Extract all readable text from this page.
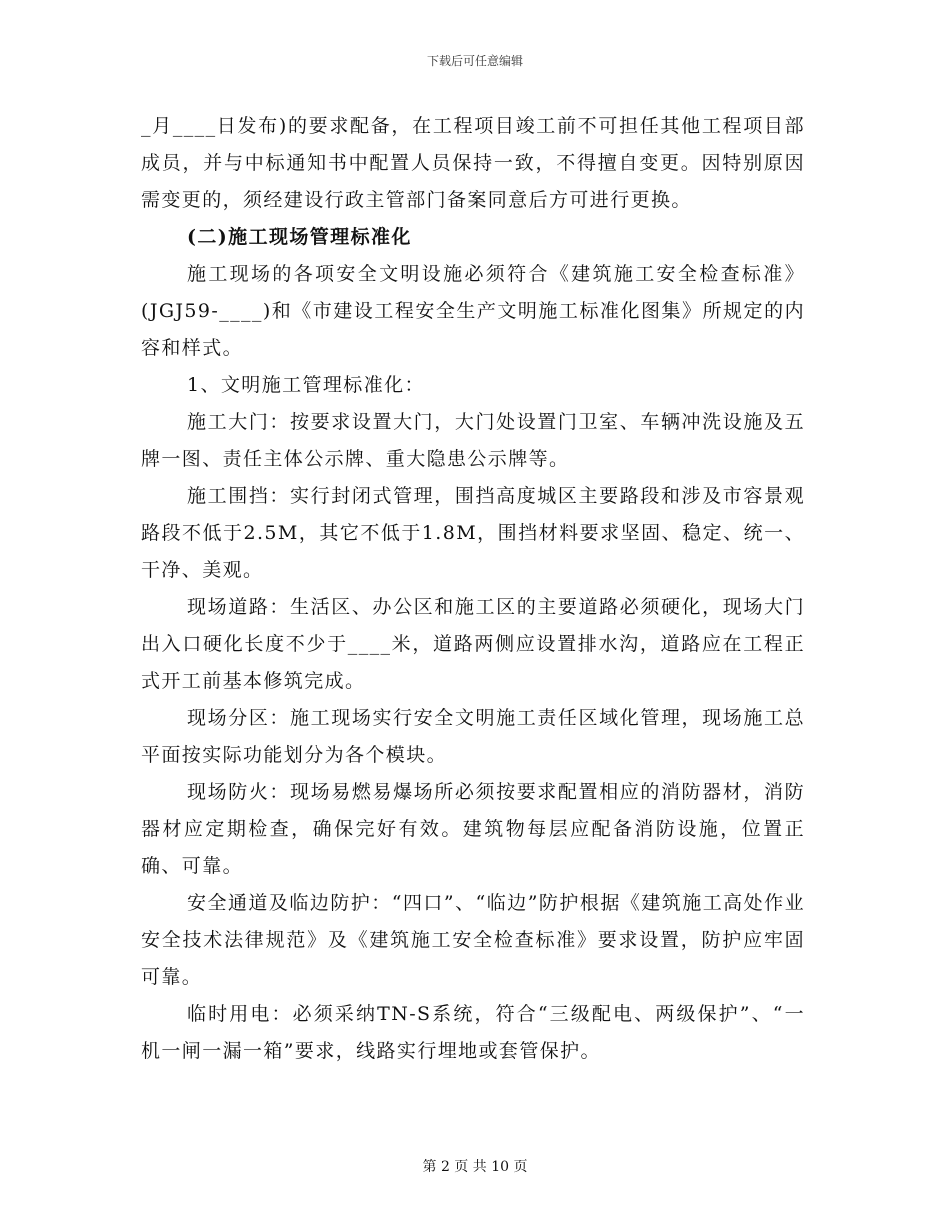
下载后可任意编辑

_月____日发布)的要求配备，在工程项目竣工前不可担任其他工程项目部成员，并与中标通知书中配置人员保持一致，不得擅自变更。因特别原因需变更的，须经建设行政主管部门备案同意后方可进行更换。

(二)施工现场管理标准化

施工现场的各项安全文明设施必须符合《建筑施工安全检查标准》(JGJ59-____)和《市建设工程安全生产文明施工标准化图集》所规定的内容和样式。

1、文明施工管理标准化：

施工大门：按要求设置大门，大门处设置门卫室、车辆冲洗设施及五牌一图、责任主体公示牌、重大隐患公示牌等。

施工围挡：实行封闭式管理，围挡高度城区主要路段和涉及市容景观路段不低于2.5M，其它不低于1.8M，围挡材料要求坚固、稳定、统一、干净、美观。

现场道路：生活区、办公区和施工区的主要道路必须硬化，现场大门出入口硬化长度不少于____米，道路两侧应设置排水沟，道路应在工程正式开工前基本修筑完成。

现场分区：施工现场实行安全文明施工责任区域化管理，现场施工总平面按实际功能划分为各个模块。

现场防火：现场易燃易爆场所必须按要求配置相应的消防器材，消防器材应定期检查，确保完好有效。建筑物每层应配备消防设施，位置正确、可靠。

安全通道及临边防护：“四口”、“临边”防护根据《建筑施工高处作业安全技术法律规范》及《建筑施工安全检查标准》要求设置，防护应牢固可靠。

临时用电：必须采纳TN-S系统，符合“三级配电、两级保护”、“一机一闸一漏一箱”要求，线路实行埋地或套管保护。

第 2 页 共 10 页
